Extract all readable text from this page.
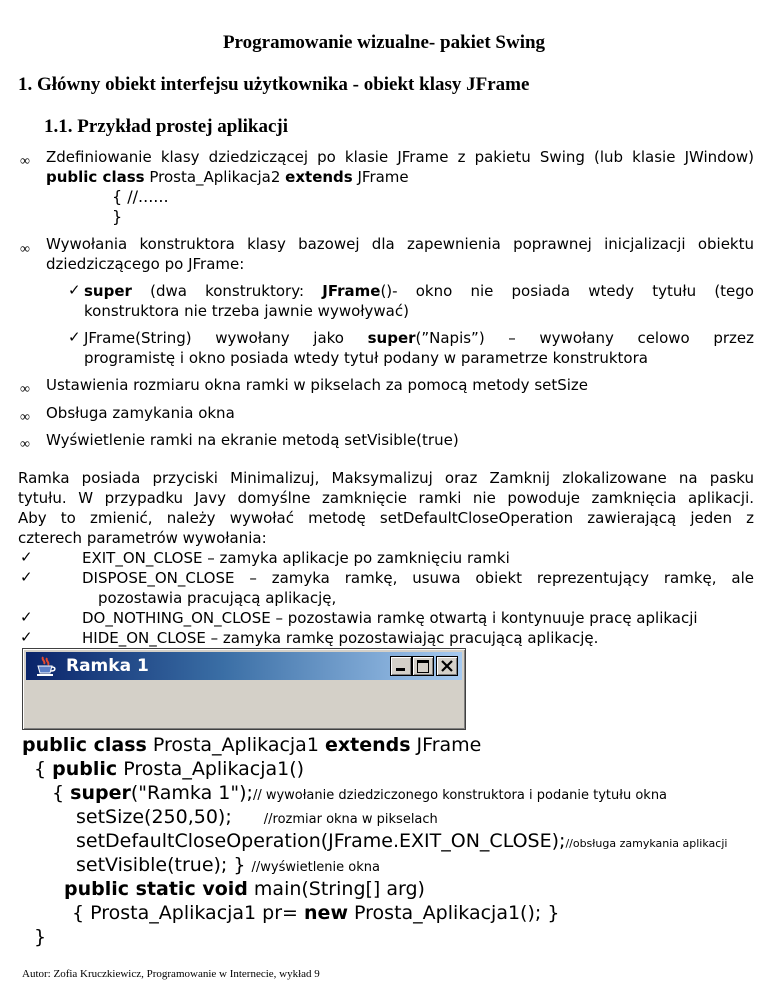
Programowanie wizualne- pakiet Swing
1. Główny obiekt interfejsu użytkownika - obiekt klasy JFrame
1.1. Przykład prostej aplikacji
∞ Zdefiniowanie klasy dziedziczącej po klasie JFrame z pakietu Swing (lub klasie JWindow)
public class Prosta_Aplikacja2 extends JFrame
{ //......
}
∞ Wywołania konstruktora klasy bazowej dla zapewnienia poprawnej inicjalizacji obiektu
dziedziczącego po JFrame:
✓ super (dwa konstruktory: JFrame()- okno nie posiada wtedy tytułu (tego
konstruktora nie trzeba jawnie wywoływać)
✓ JFrame(String) wywołany jako super(”Napis”) – wywołany celowo przez
programistę i okno posiada wtedy tytuł podany w parametrze konstruktora
∞ Ustawienia rozmiaru okna ramki w pikselach za pomocą metody setSize
∞ Obsługa zamykania okna
∞ Wyświetlenie ramki na ekranie metodą setVisible(true)
Ramka posiada przyciski Minimalizuj, Maksymalizuj oraz Zamknij zlokalizowane na pasku
tytułu. W przypadku Javy domyślne zamknięcie ramki nie powoduje zamknięcia aplikacji.
Aby to zmienić, należy wywołać metodę setDefaultCloseOperation zawierającą jeden z
czterech parametrów wywołania:
✓	EXIT_ON_CLOSE – zamyka aplikacje po zamknięciu ramki
✓	DISPOSE_ON_CLOSE – zamyka ramkę, usuwa obiekt reprezentujący ramkę, ale
pozostawia pracującą aplikację,
✓	DO_NOTHING_ON_CLOSE – pozostawia ramkę otwartą i kontynuuje pracę aplikacji
✓	HIDE_ON_CLOSE – zamyka ramkę pozostawiając pracującą aplikację.
Ramka 1
public class Prosta_Aplikacja1 extends JFrame
{ public Prosta_Aplikacja1()
{ super("Ramka 1");// wywołanie dziedziczonego konstruktora i podanie tytułu okna
setSize(250,50); //rozmiar okna w pikselach
setDefaultCloseOperation(JFrame.EXIT_ON_CLOSE);//obsługa zamykania aplikacji
setVisible(true); } //wyświetlenie okna
public static void main(String[] arg)
{ Prosta_Aplikacja1 pr= new Prosta_Aplikacja1(); }
}
Autor: Zofia Kruczkiewicz, Programowanie w Internecie, wykład 9
